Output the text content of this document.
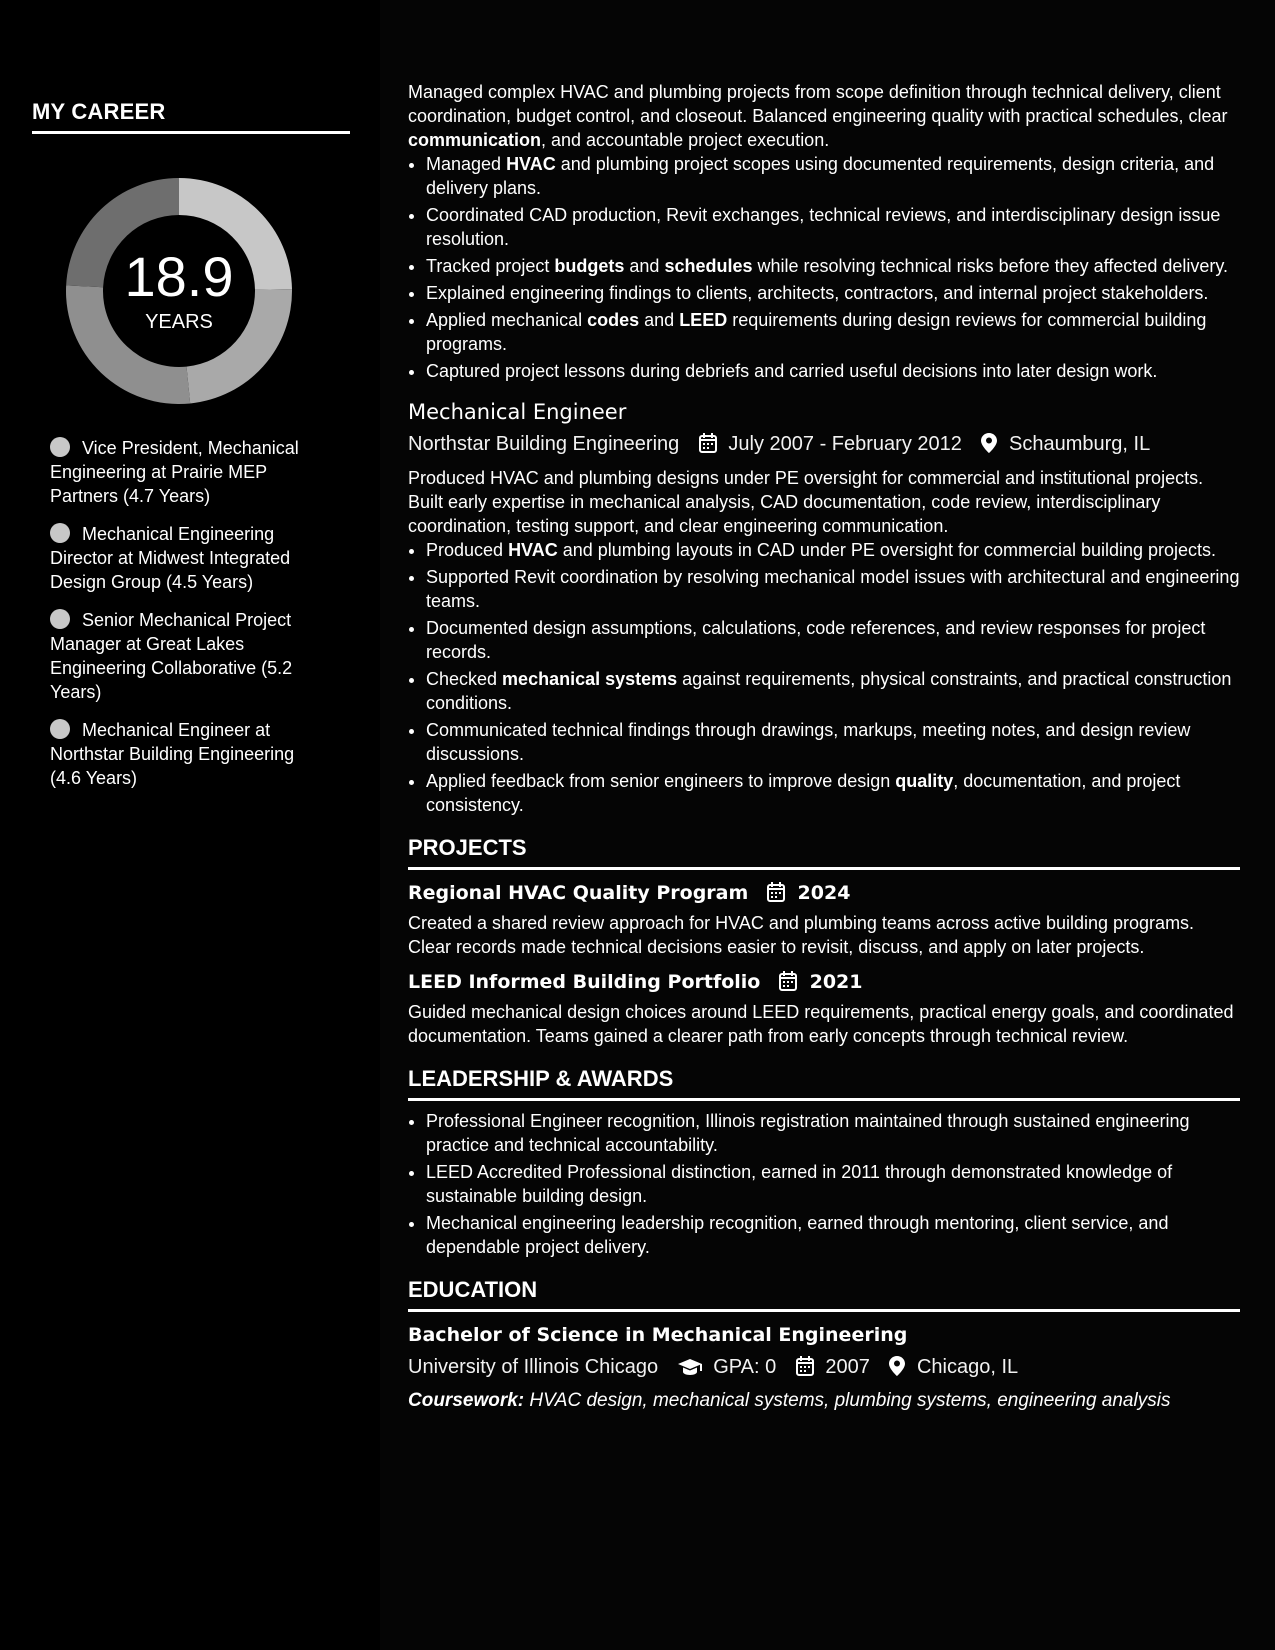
MY CAREER
18.9
YEARS
Vice President, Mechanical Engineering at Prairie MEP Partners (4.7 Years)
Mechanical Engineering Director at Midwest Integrated Design Group (4.5 Years)
Senior Mechanical Project Manager at Great Lakes Engineering Collaborative (5.2 Years)
Mechanical Engineer at Northstar Building Engineering (4.6 Years)

Managed complex HVAC and plumbing projects from scope definition through technical delivery, client coordination, budget control, and closeout. Balanced engineering quality with practical schedules, clear communication, and accountable project execution.

• Managed HVAC and plumbing project scopes using documented requirements, design criteria, and delivery plans.
• Coordinated CAD production, Revit exchanges, technical reviews, and interdisciplinary design issue resolution.
• Tracked project budgets and schedules while resolving technical risks before they affected delivery.
• Explained engineering findings to clients, architects, contractors, and internal project stakeholders.
• Applied mechanical codes and LEED requirements during design reviews for commercial building programs.
• Captured project lessons during debriefs and carried useful decisions into later design work.
Mechanical Engineer
Northstar Building Engineering July 2007 - February 2012 Schaumburg, IL

Produced HVAC and plumbing designs under PE oversight for commercial and institutional projects. Built early expertise in mechanical analysis, CAD documentation, code review, interdisciplinary coordination, testing support, and clear engineering communication.

• Produced HVAC and plumbing layouts in CAD under PE oversight for commercial building projects.
• Supported Revit coordination by resolving mechanical model issues with architectural and engineering teams.
• Documented design assumptions, calculations, code references, and review responses for project records.
• Checked mechanical systems against requirements, physical constraints, and practical construction conditions.
• Communicated technical findings through drawings, markups, meeting notes, and design review discussions.
• Applied feedback from senior engineers to improve design quality, documentation, and project consistency.
PROJECTS
Regional HVAC Quality Program	2024

Created a shared review approach for HVAC and plumbing teams across active building programs. Clear records made technical decisions easier to revisit, discuss, and apply on later projects.

LEED Informed Building Portfolio	2021

Guided mechanical design choices around LEED requirements, practical energy goals, and coordinated documentation. Teams gained a clearer path from early concepts through technical review.

LEADERSHIP & AWARDS
• Professional Engineer recognition, Illinois registration maintained through sustained engineering practice and technical accountability.
• LEED Accredited Professional distinction, earned in 2011 through demonstrated knowledge of sustainable building design.
• Mechanical engineering leadership recognition, earned through mentoring, client service, and dependable project delivery.
EDUCATION
Bachelor of Science in Mechanical Engineering
University of Illinois Chicago	GPA: 0 2007 Chicago, IL
Coursework: HVAC design, mechanical systems, plumbing systems, engineering analysis
